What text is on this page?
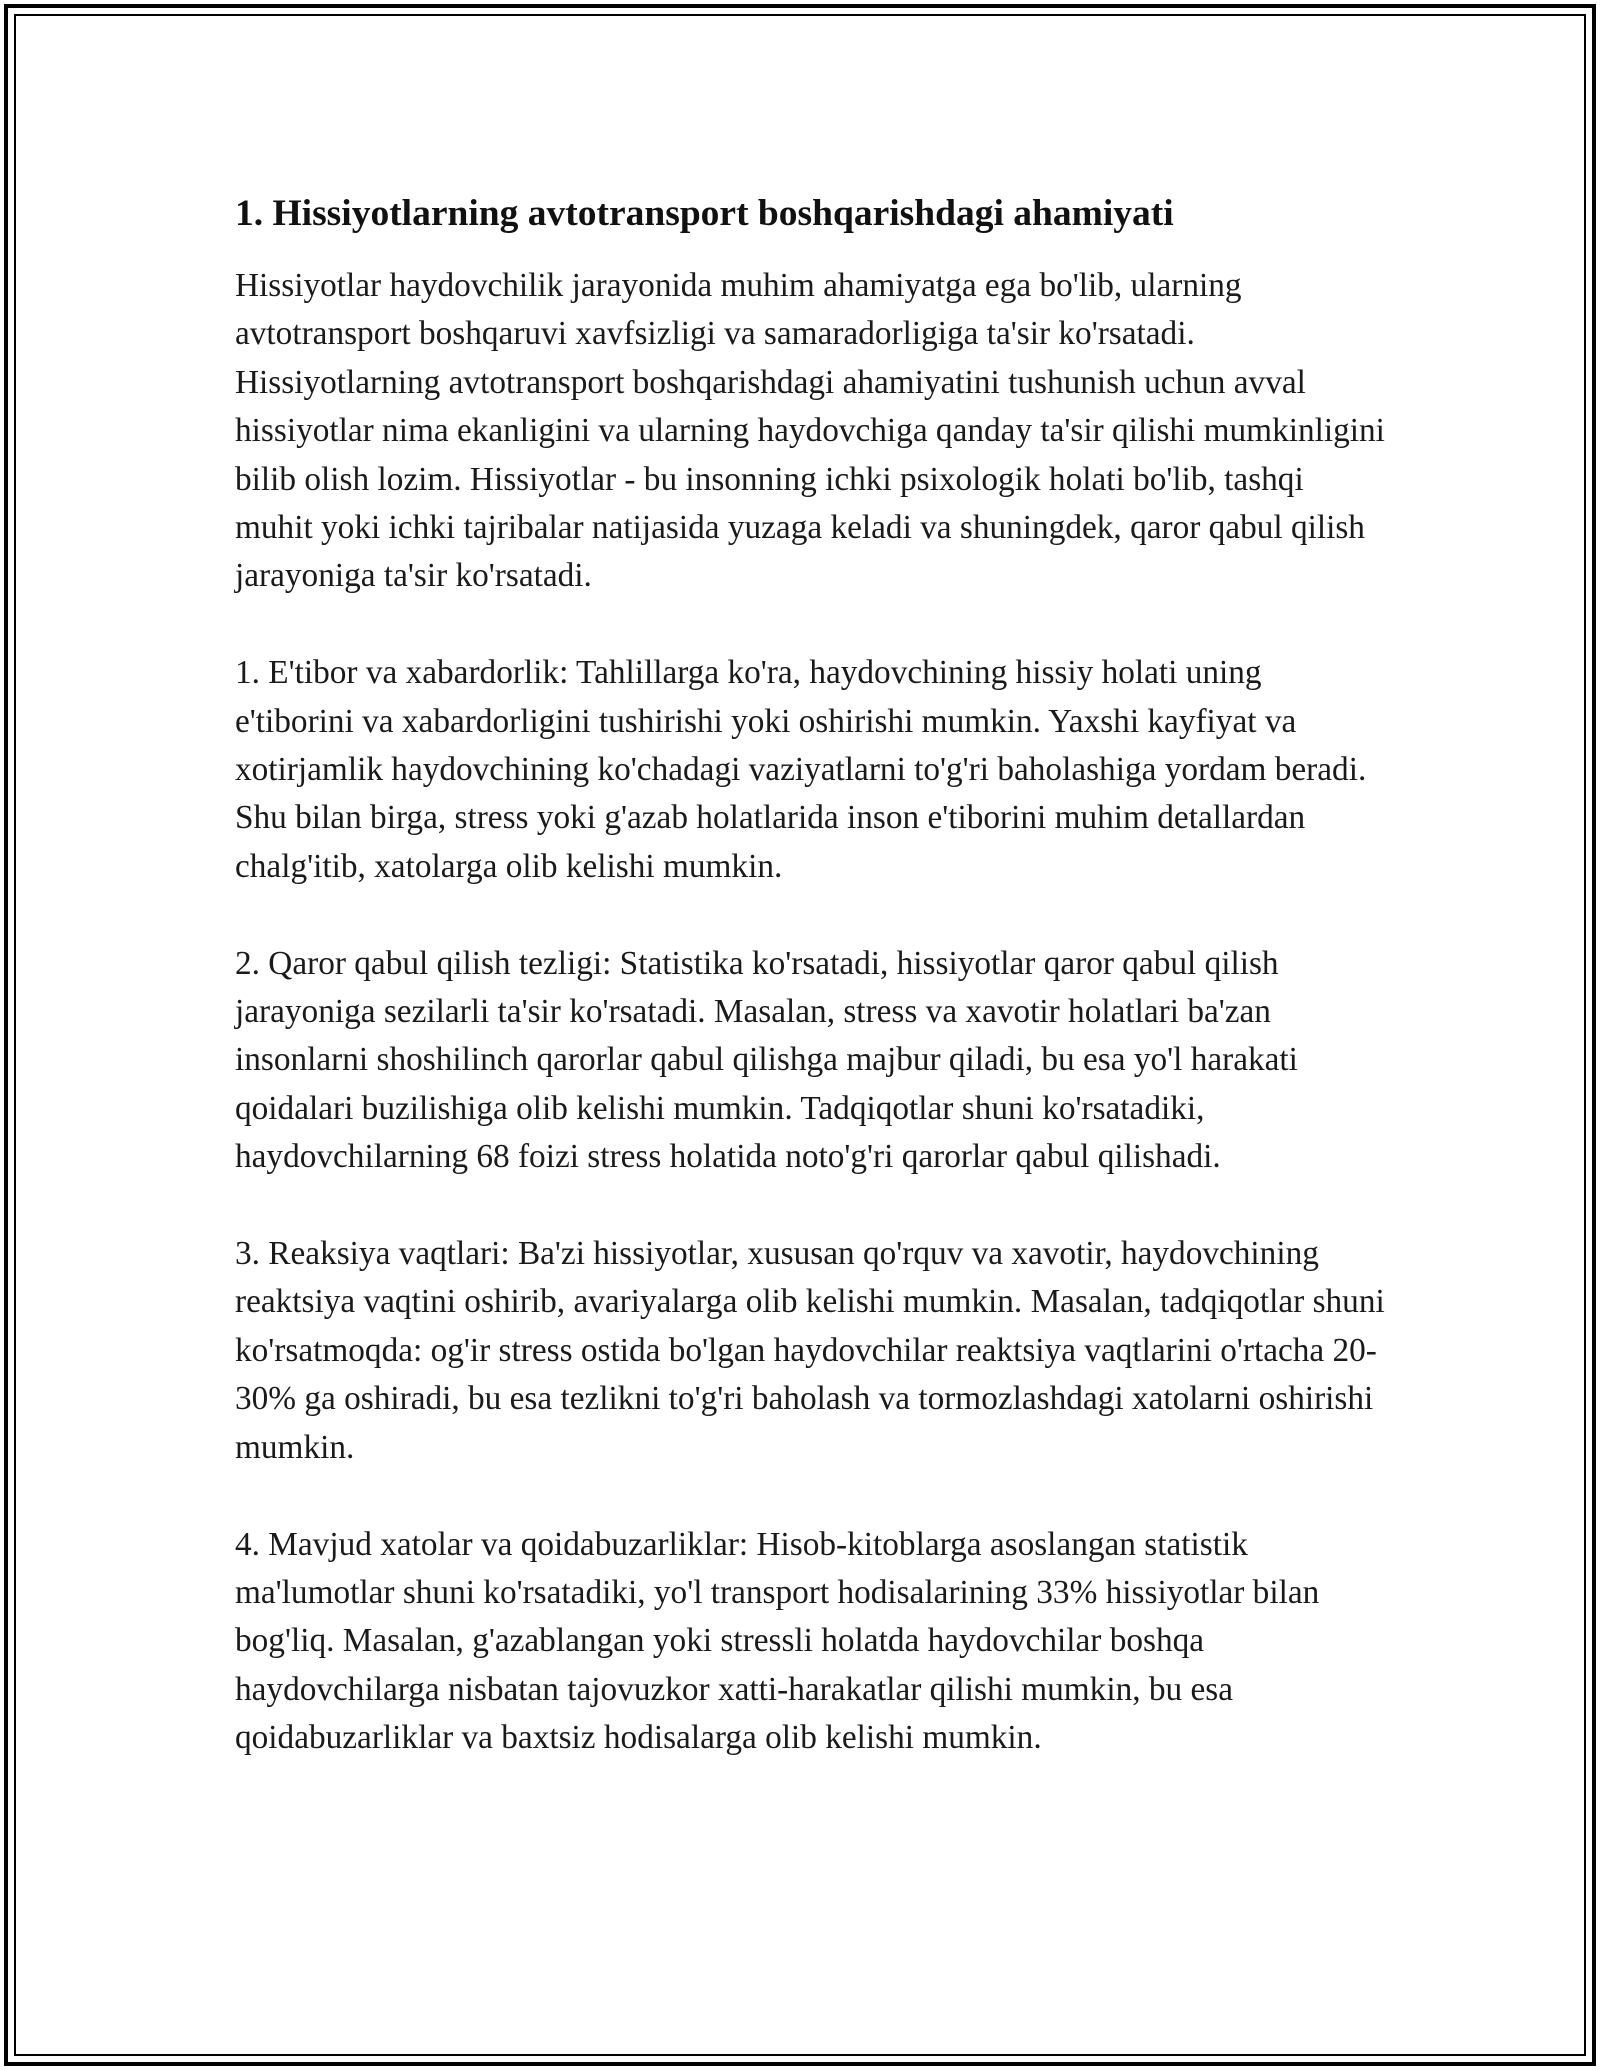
1. Hissiyotlarning avtotransport boshqarishdagi ahamiyati

Hissiyotlar haydovchilik jarayonida muhim ahamiyatga ega bo'lib, ularning avtotransport boshqaruvi xavfsizligi va samaradorligiga ta'sir ko'rsatadi. Hissiyotlarning avtotransport boshqarishdagi ahamiyatini tushunish uchun avval hissiyotlar nima ekanligini va ularning haydovchiga qanday ta'sir qilishi mumkinligini bilib olish lozim. Hissiyotlar - bu insonning ichki psixologik holati bo'lib, tashqi muhit yoki ichki tajribalar natijasida yuzaga keladi va shuningdek, qaror qabul qilish jarayoniga ta'sir ko'rsatadi.

1. E'tibor va xabardorlik: Tahlillarga ko'ra, haydovchining hissiy holati uning e'tiborini va xabardorligini tushirishi yoki oshirishi mumkin. Yaxshi kayfiyat va xotirjamlik haydovchining ko'chadagi vaziyatlarni to'g'ri baholashiga yordam beradi. Shu bilan birga, stress yoki g'azab holatlarida inson e'tiborini muhim detallardan chalg'itib, xatolarga olib kelishi mumkin.

2. Qaror qabul qilish tezligi: Statistika ko'rsatadi, hissiyotlar qaror qabul qilish jarayoniga sezilarli ta'sir ko'rsatadi. Masalan, stress va xavotir holatlari ba'zan insonlarni shoshilinch qarorlar qabul qilishga majbur qiladi, bu esa yo'l harakati qoidalari buzilishiga olib kelishi mumkin. Tadqiqotlar shuni ko'rsatadiki, haydovchilarning 68 foizi stress holatida noto'g'ri qarorlar qabul qilishadi.

3. Reaksiya vaqtlari: Ba'zi hissiyotlar, xususan qo'rquv va xavotir, haydovchining reaktsiya vaqtini oshirib, avariyalarga olib kelishi mumkin. Masalan, tadqiqotlar shuni ko'rsatmoqda: og'ir stress ostida bo'lgan haydovchilar reaktsiya vaqtlarini o'rtacha 20-30% ga oshiradi, bu esa tezlikni to'g'ri baholash va tormozlashdagi xatolarni oshirishi mumkin.

4. Mavjud xatolar va qoidabuzarliklar: Hisob-kitoblarga asoslangan statistik ma'lumotlar shuni ko'rsatadiki, yo'l transport hodisalarining 33% hissiyotlar bilan bog'liq. Masalan, g'azablangan yoki stressli holatda haydovchilar boshqa haydovchilarga nisbatan tajovuzkor xatti-harakatlar qilishi mumkin, bu esa qoidabuzarliklar va baxtsiz hodisalarga olib kelishi mumkin.
